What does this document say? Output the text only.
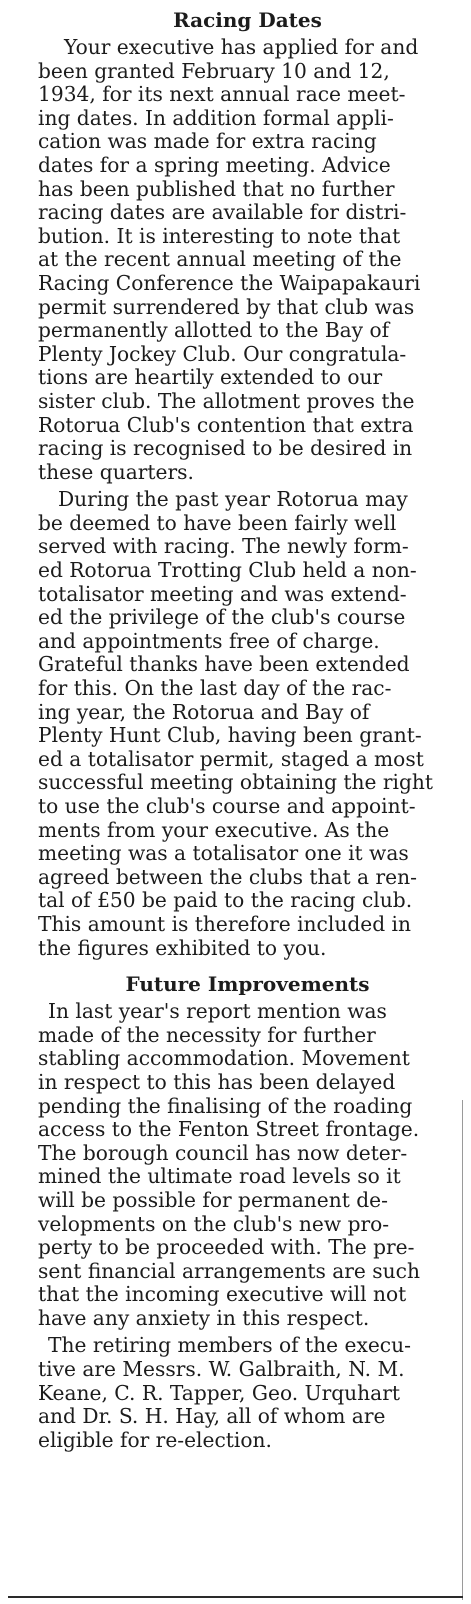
Racing Dates
Your executive has applied for and
been granted February 10 and 12,
1934, for its next annual race meet-
ing dates. In addition formal appli-
cation was made for extra racing
dates for a spring meeting. Advice
has been published that no further
racing dates are available for distri-
bution. It is interesting to note that
at the recent annual meeting of the
Racing Conference the Waipapakauri
permit surrendered by that club was
permanently allotted to the Bay of
Plenty Jockey Club. Our congratula-
tions are heartily extended to our
sister club. The allotment proves the
Rotorua Club's contention that extra
racing is recognised to be desired in
these quarters.
During the past year Rotorua may
be deemed to have been fairly well
served with racing. The newly form-
ed Rotorua Trotting Club held a non-
totalisator meeting and was extend-
ed the privilege of the club's course
and appointments free of charge.
Grateful thanks have been extended
for this. On the last day of the rac-
ing year, the Rotorua and Bay of
Plenty Hunt Club, having been grant-
ed a totalisator permit, staged a most
successful meeting obtaining the right
to use the club's course and appoint-
ments from your executive. As the
meeting was a totalisator one it was
agreed between the clubs that a ren-
tal of £50 be paid to the racing club.
This amount is therefore included in
the figures exhibited to you.
Future Improvements
In last year's report mention was
made of the necessity for further
stabling accommodation. Movement
in respect to this has been delayed
pending the finalising of the roading
access to the Fenton Street frontage.
The borough council has now deter-
mined the ultimate road levels so it
will be possible for permanent de-
velopments on the club's new pro-
perty to be proceeded with. The pre-
sent financial arrangements are such
that the incoming executive will not
have any anxiety in this respect.
The retiring members of the execu-
tive are Messrs. W. Galbraith, N. M.
Keane, C. R. Tapper, Geo. Urquhart
and Dr. S. H. Hay, all of whom are
eligible for re-election.
